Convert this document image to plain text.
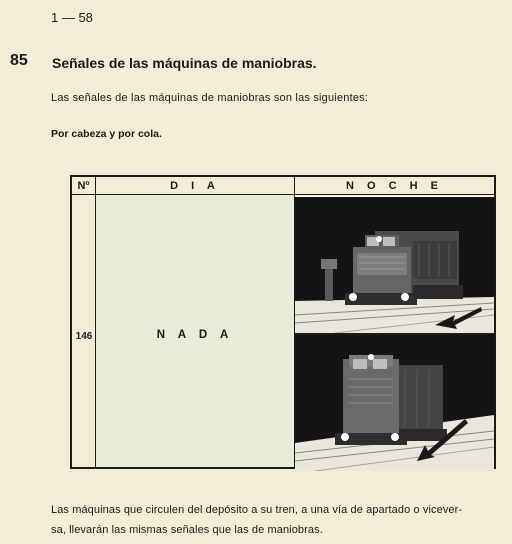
1 — 58
85 Señales de las máquinas de maniobras.
Las señales de las máquinas de maniobras son las siguientes:
Por cabeza y por cola.
Nº	D I A	N O C H E
146	N A D A
Las máquinas que circulen del depósito a su tren, a una vía de apartado o vicever-
sa, llevarán las mismas señales que las de maniobras.
